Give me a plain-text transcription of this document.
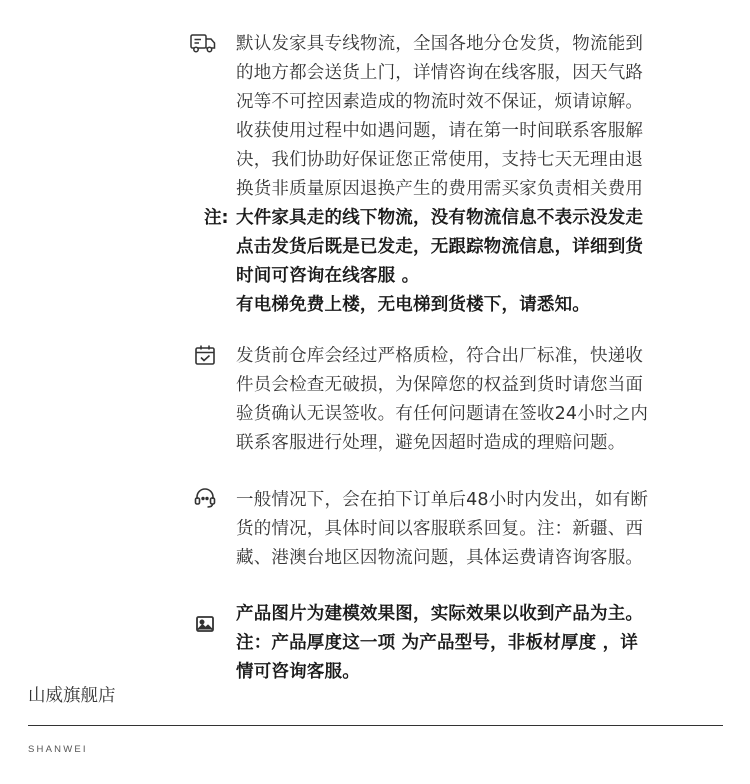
默认发家具专线物流，全国各地分仓发货，物流能到
的地方都会送货上门，详情咨询在线客服，因天气路
况等不可控因素造成的物流时效不保证，烦请谅解。
收获使用过程中如遇问题，请在第一时间联系客服解
决，我们协助好保证您正常使用，支持七天无理由退
换货非质量原因退换产生的费用需买家负责相关费用
大件家具走的线下物流，没有物流信息不表示没发走
点击发货后既是已发走，无跟踪物流信息，详细到货
时间可咨询在线客服 。
有电梯免费上楼，无电梯到货楼下，请悉知。
注:
发货前仓库会经过严格质检，符合出厂标准，快递收
件员会检查无破损，为保障您的权益到货时请您当面
验货确认无误签收。有任何问题请在签收24小时之内
联系客服进行处理，避免因超时造成的理赔问题。
一般情况下，会在拍下订单后48小时内发出，如有断
货的情况，具体时间以客服联系回复。注：新疆、西
藏、港澳台地区因物流问题，具体运费请咨询客服。
产品图片为建模效果图，实际效果以收到产品为主。
注：产品厚度这一项 为产品型号，非板材厚度 ，详
情可咨询客服。
山威旗舰店
SHANWEI
